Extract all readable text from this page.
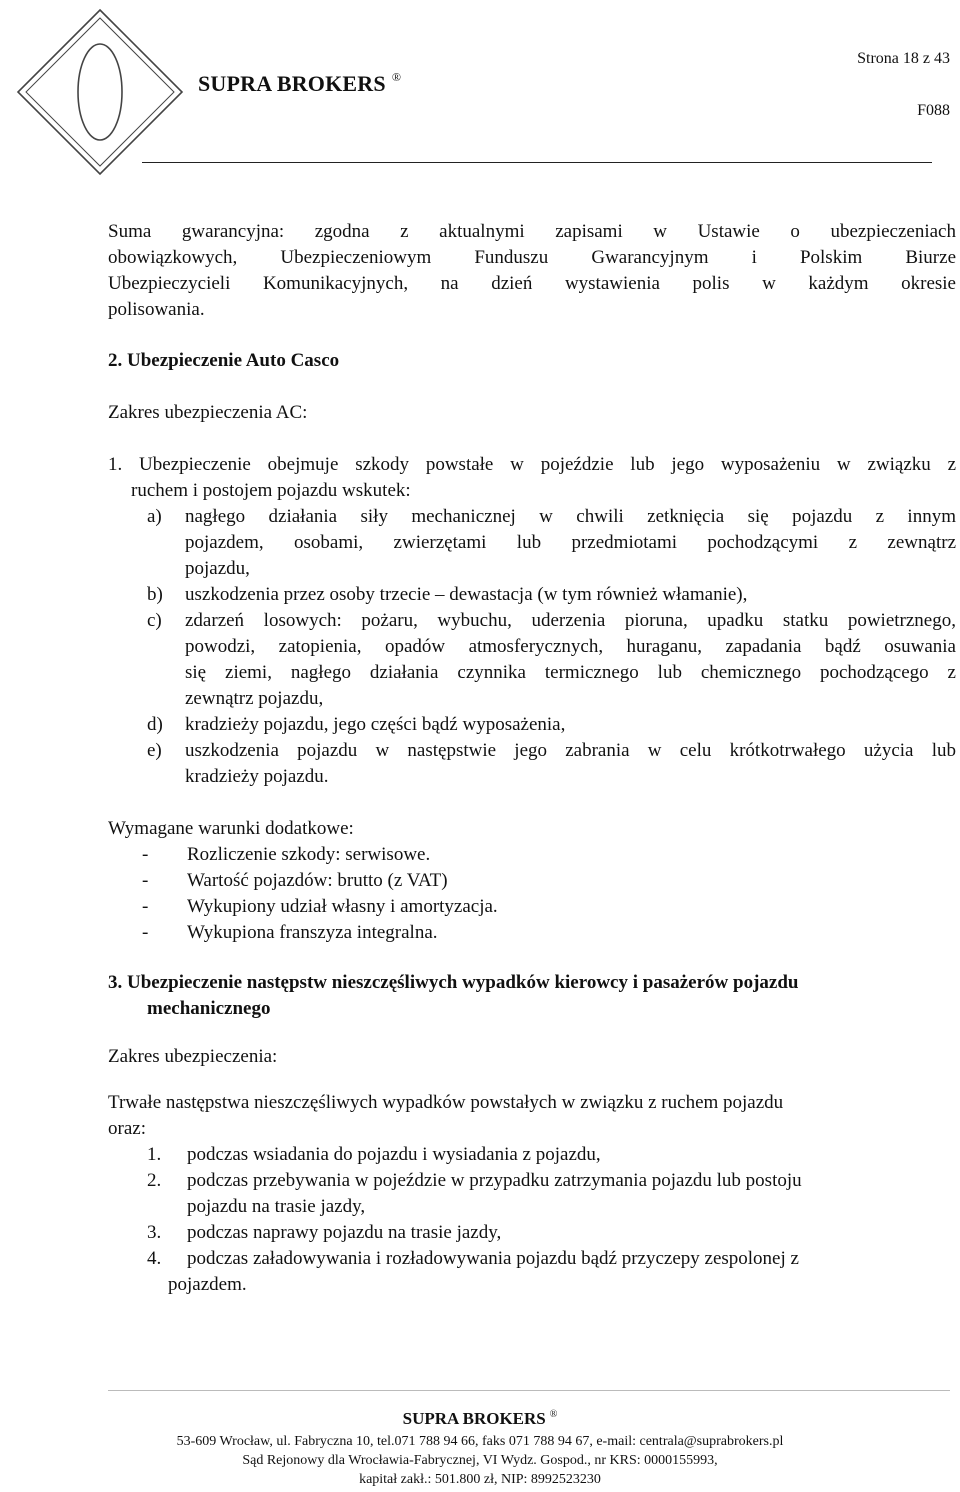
SUPRA BROKERS ®
Strona 18 z 43
F088
Suma gwarancyjna: zgodna z aktualnymi zapisami w Ustawie o ubezpieczeniach
obowiązkowych, Ubezpieczeniowym Funduszu Gwarancyjnym i Polskim Biurze
Ubezpieczycieli Komunikacyjnych, na dzień wystawienia polis w każdym okresie
polisowania.
2. Ubezpieczenie Auto Casco
Zakres ubezpieczenia AC:
1. Ubezpieczenie obejmuje szkody powstałe w pojeździe lub jego wyposażeniu w związku z
ruchem i postojem pojazdu wskutek:
a) nagłego działania siły mechanicznej w chwili zetknięcia się pojazdu z innym
pojazdem, osobami, zwierzętami lub przedmiotami pochodzącymi z zewnątrz
pojazdu,
b) uszkodzenia przez osoby trzecie – dewastacja (w tym również włamanie),
c) zdarzeń losowych: pożaru, wybuchu, uderzenia pioruna, upadku statku powietrznego,
powodzi, zatopienia, opadów atmosferycznych, huraganu, zapadania bądź osuwania
się ziemi, nagłego działania czynnika termicznego lub chemicznego pochodzącego z
zewnątrz pojazdu,
d) kradzieży pojazdu, jego części bądź wyposażenia,
e) uszkodzenia pojazdu w następstwie jego zabrania w celu krótkotrwałego użycia lub
kradzieży pojazdu.
Wymagane warunki dodatkowe:
- Rozliczenie szkody: serwisowe.
- Wartość pojazdów: brutto (z VAT)
- Wykupiony udział własny i amortyzacja.
- Wykupiona franszyza integralna.
3. Ubezpieczenie następstw nieszczęśliwych wypadków kierowcy i pasażerów pojazdu
mechanicznego
Zakres ubezpieczenia:
Trwałe następstwa nieszczęśliwych wypadków powstałych w związku z ruchem pojazdu
oraz:
1. podczas wsiadania do pojazdu i wysiadania z pojazdu,
2. podczas przebywania w pojeździe w przypadku zatrzymania pojazdu lub postoju
pojazdu na trasie jazdy,
3. podczas naprawy pojazdu na trasie jazdy,
4. podczas załadowywania i rozładowywania pojazdu bądź przyczepy zespolonej z
pojazdem.
SUPRA BROKERS ®
53-609 Wrocław, ul. Fabryczna 10, tel.071 788 94 66, faks 071 788 94 67, e-mail: centrala@suprabrokers.pl
Sąd Rejonowy dla Wrocławia-Fabrycznej, VI Wydz. Gospod., nr KRS: 0000155993,
kapitał zakł.: 501.800 zł, NIP: 8992523230
